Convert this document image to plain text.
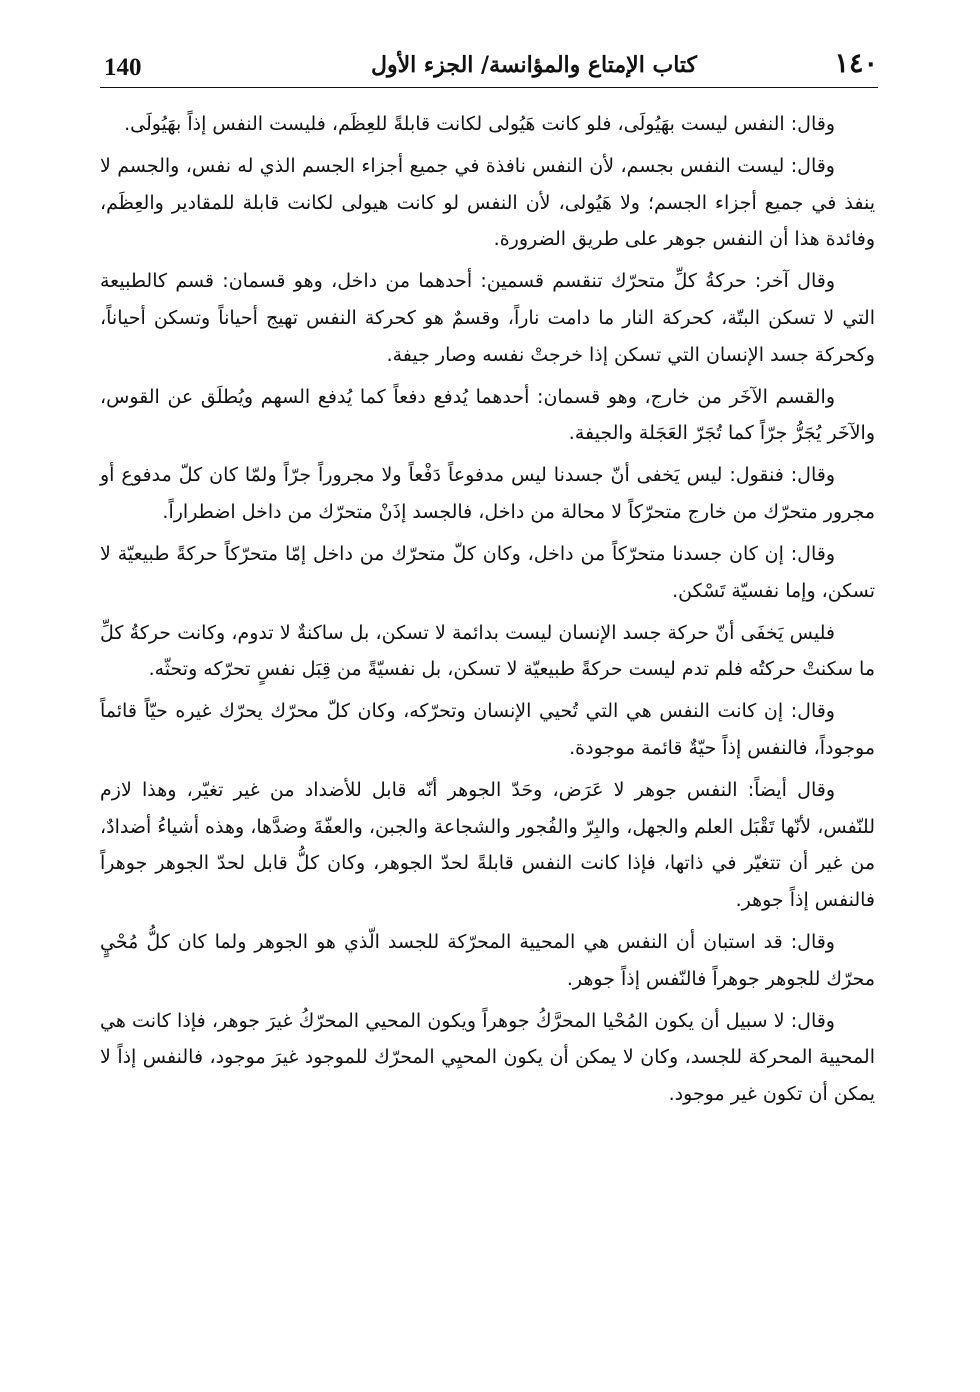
140	كتاب الإمتاع والمؤانسة/ الجزء الأول	١٤٠

وقال: النفس ليست بهَيُولَى، فلو كانت هَيُولى لكانت قابلةً للعِظَم، فليست النفس إذاً بهَيُولَى.

وقال: ليست النفس بجسم، لأن النفس نافذة في جميع أجزاء الجسم الذي له نفس، والجسم لا ينفذ في جميع أجزاء الجسم؛ ولا هَيُولى، لأن النفس لو كانت هيولى لكانت قابلة للمقادير والعِظَم، وفائدة هذا أن النفس جوهر على طريق الضرورة.

وقال آخر: حركةُ كلِّ متحرّك تنقسم قسمين: أحدهما من داخل، وهو قسمان: قسم كالطبيعة التي لا تسكن البتّة، كحركة النار ما دامت ناراً، وقسمٌ هو كحركة النفس تهيج أحياناً وتسكن أحياناً، وكحركة جسد الإنسان التي تسكن إذا خرجتْ نفسه وصار جيفة.

والقسم الآخَر من خارج، وهو قسمان: أحدهما يُدفع دفعاً كما يُدفع السهم ويُطلَق عن القوس، والآخَر يُجَرُّ جرّاً كما تُجَرّ العَجَلة والجيفة.

وقال: فنقول: ليس يَخفى أنّ جسدنا ليس مدفوعاً دَفْعاً ولا مجروراً جرّاً ولمّا كان كلّ مدفوع أو مجرور متحرّك من خارج متحرّكاً لا محالة من داخل، فالجسد إذَنْ متحرّك من داخل اضطراراً.

وقال: إن كان جسدنا متحرّكاً من داخل، وكان كلّ متحرّك من داخل إمّا متحرّكاً حركةً طبيعيّة لا تسكن، وإما نفسيّة تَسْكن.

فليس يَخفَى أنّ حركة جسد الإنسان ليست بدائمة لا تسكن، بل ساكنةٌ لا تدوم، وكانت حركةُ كلِّ ما سكنتْ حركتُه فلم تدم ليست حركةً طبيعيّة لا تسكن، بل نفسيّةً من قِبَل نفسٍ تحرّكه وتحثّه.

وقال: إن كانت النفس هي التي تُحيي الإنسان وتحرّكه، وكان كلّ محرّك يحرّك غيره حيّاً قائماً موجوداً، فالنفس إذاً حيّةٌ قائمة موجودة.

وقال أيضاً: النفس جوهر لا عَرَض، وحَدّ الجوهر أنّه قابل للأضداد من غير تغيّر، وهذا لازم للنّفس، لأنّها تَقْبَل العلم والجهل، والبِرّ والفُجور والشجاعة والجبن، والعفّةَ وضدَّها، وهذه أشياءُ أضدادٌ، من غير أن تتغيّر في ذاتها، فإذا كانت النفس قابلةً لحدّ الجوهر، وكان كلُّ قابل لحدّ الجوهر جوهراً فالنفس إذاً جوهر.

وقال: قد استبان أن النفس هي المحيية المحرّكة للجسد الّذي هو الجوهر ولما كان كلُّ مُحْيٍ محرّك للجوهر جوهراً فالنّفس إذاً جوهر.

وقال: لا سبيل أن يكون المُحْيا المحرَّكُ جوهراً ويكون المحيي المحرّكُ غيرَ جوهر، فإذا كانت هي المحيية المحركة للجسد، وكان لا يمكن أن يكون المحيِي المحرّك للموجود غيرَ موجود، فالنفس إذاً لا يمكن أن تكون غير موجود.
